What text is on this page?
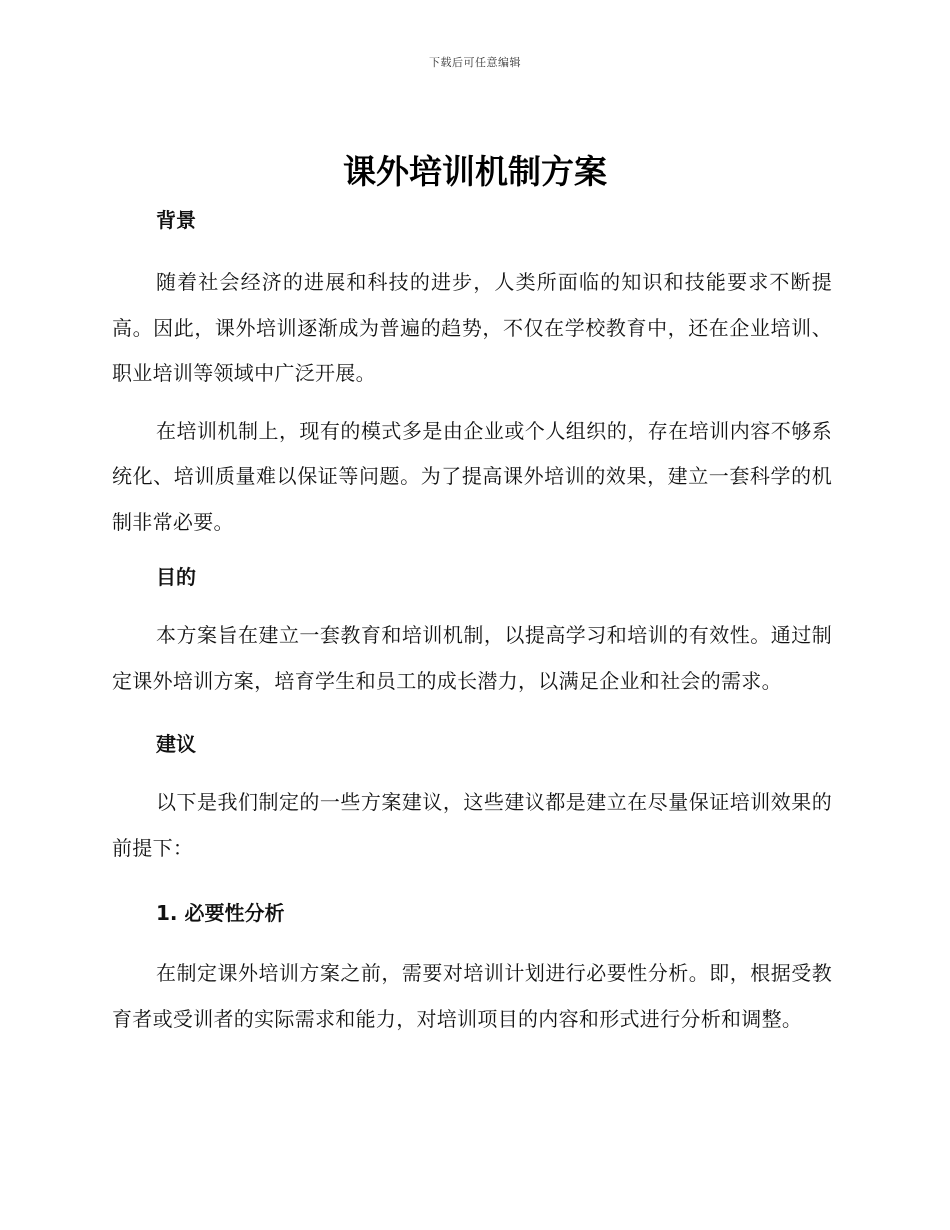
下载后可任意编辑
课外培训机制方案
背景

随着社会经济的进展和科技的进步，人类所面临的知识和技能要求不断提高。因此，课外培训逐渐成为普遍的趋势，不仅在学校教育中，还在企业培训、职业培训等领域中广泛开展。

在培训机制上，现有的模式多是由企业或个人组织的，存在培训内容不够系统化、培训质量难以保证等问题。为了提高课外培训的效果，建立一套科学的机制非常必要。

目的

本方案旨在建立一套教育和培训机制，以提高学习和培训的有效性。通过制定课外培训方案，培育学生和员工的成长潜力，以满足企业和社会的需求。

建议

以下是我们制定的一些方案建议，这些建议都是建立在尽量保证培训效果的前提下：

1. 必要性分析

在制定课外培训方案之前，需要对培训计划进行必要性分析。即，根据受教育者或受训者的实际需求和能力，对培训项目的内容和形式进行分析和调整。
